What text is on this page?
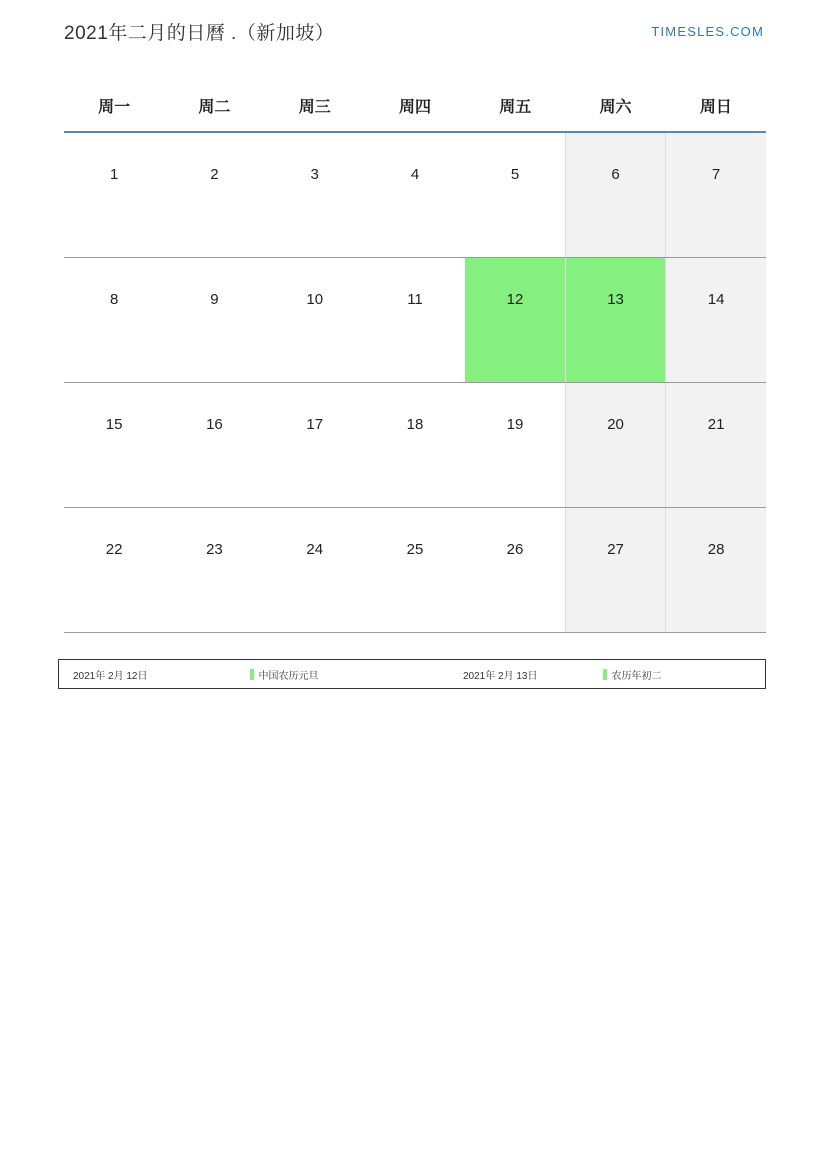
2021年二月的日曆 .（新加坡）	TIMESLES.COM
周一	周二	周三	周四	周五	周六	周日

1	2	3	4	5	6	7

8	9	10	11	12	13	14

15	16	17	18	19	20	21

22	23	24	25	26	27	28
2021年 2月 12日	中国农历元旦	2021年 2月 13日	农历年初二
